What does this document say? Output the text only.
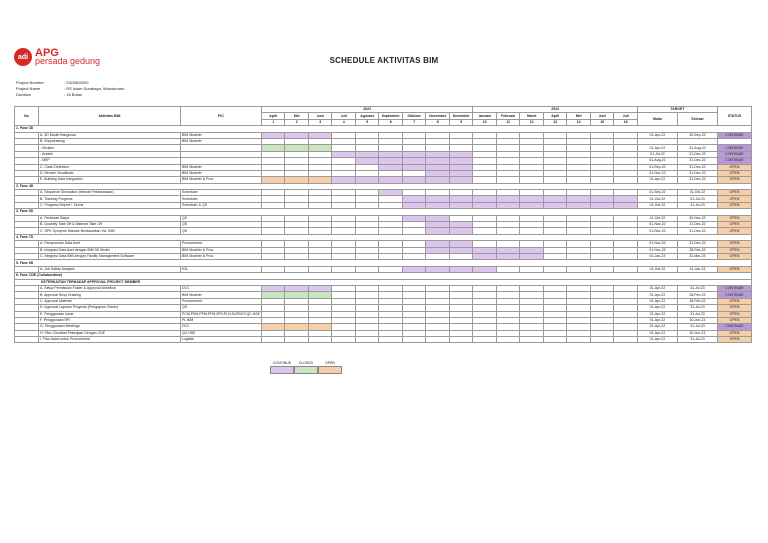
adi APG
persada gedung	SCHEDULE AKTIVITAS BIM
Project Number	: 0322800020
Project Name	: RS Islam Surabaya, Wonokromo
Duration	: 16 Bulan
No	Aktivitas BIM	PIC	2022									2023							TARGET		STATUS
			April	Mei	Juni	Juli	Agustus	September	Oktober	November	Desember	Januari	Februari	Maret	April	Mei	Juni	Juli	Mulai	Selesai	
			1	2	3	4	5	6	7	8	9	10	11	12	13	14	15	16			
1. Fase 3D																					
	A. 3D Model Bangunan	BIM Modeler																	01-Apr-22	30-Sep-22	CONTINUE
	B. Shopdrawing	BIM Modeler																			
	- Struktur																		01-Apr-22	31-Aug-22	CONTINUE
	- Arsitek																		01-Jul-22	31-Dec-22	CONTINUE
	- MEP																		01-Aug-22	31-Dec-22	CONTINUE
	C. Clash Detection	BIM Modeler																	01-Sep-22	31-Dec-22	OPEN
	D. Render Visualisasi	BIM Modeler																	01-Nov-22	31-Dec-22	OPEN
	E. Building Data Integration	BIM Modeler & Proc																	01-Apr-22	31-Dec-22	OPEN
2. Fase 4D																					
	A. Sequence Simulation (Metode Pelaksanaan)	Scheduler																	01-Sep-22	31-Oct-22	OPEN
	B. Tracking Progress	Scheduler																	01-Oct-22	31-Jul-23	OPEN
	C. Progress Report + Drone	Scheduler & QS																	01-Oct-22	31-Jul-23	OPEN
3. Fase 5D																					
	A. Perkiraan Biaya	QS																	01-Oct-22	30-Nov-22	OPEN
	B. Quantity Take Off & Material Take Off	QS																	01-Nov-22	31-Dec-22	OPEN
	C. SPK Gyropme Mandor Berdasarkan Vol. BIM	QS																	01-Nov-22	31-Dec-22	OPEN
4. Fase 7D																					
	A. Penyusunan Data Aset	Procurement																	01-Nov-22	31-Dec-22	OPEN
	B. Integrasi Data Aset dengan BIM 3D Model	BIM Modeler & Proc																	01-Nov-22	28-Feb-23	OPEN
	C. Integrasi Data BIM dengan Facility Management Software	BIM Modeler & Proc																	01-Jan-23	31-Mar-23	OPEN
5. Fase 6D																					
	A. Job Safety Analysis	K3L																	01-Oct-22	31-Jan-23	OPEN
6. Fase CDE (Collaboration)																					
KETERKAITAN TERHADAP APPROVAL PROJECT MEMBER																					
	A. Setup Permission Folder & Approval Workflow	DCC																	01-Apr-22	31-Jul-23	CONTINUE
	B. Approval Shop Drawing	BIM Modeler																	01-Apr-22	28-Feb-23	CONTINUE
	C. Approval Material	Procurement																	01-Apr-22	28-Feb-23	OPEN
	D. Approval Laporan Progress (Pengajuan Owner)	QS																	01-Apr-22	31-Jul-23	OPEN
	E. Penggunaan Issue	PCM,PEM,PPM,PFM,SPV,PLN,SURVEY,QC,HSE																	01-Apr-22	31-Jul-23	OPEN
	F. Penggunaan RFI	PL BIM																	01-Apr-22	30-Jun-23	OPEN
	G. Penggunaan Meetings	DCC																	01-Apr-22	31-Jul-23	CONTINUE
	H. Fitur Checklist Pekerjaan Dengan CDE	QC,HSE																	01-Apr-22	30-Jun-23	OPEN
	I. Fitur Asset untuk Procurement	Logistik																	01-Apr-22	31-Jul-23	OPEN
CONTINUE	CLOSED	OPEN
